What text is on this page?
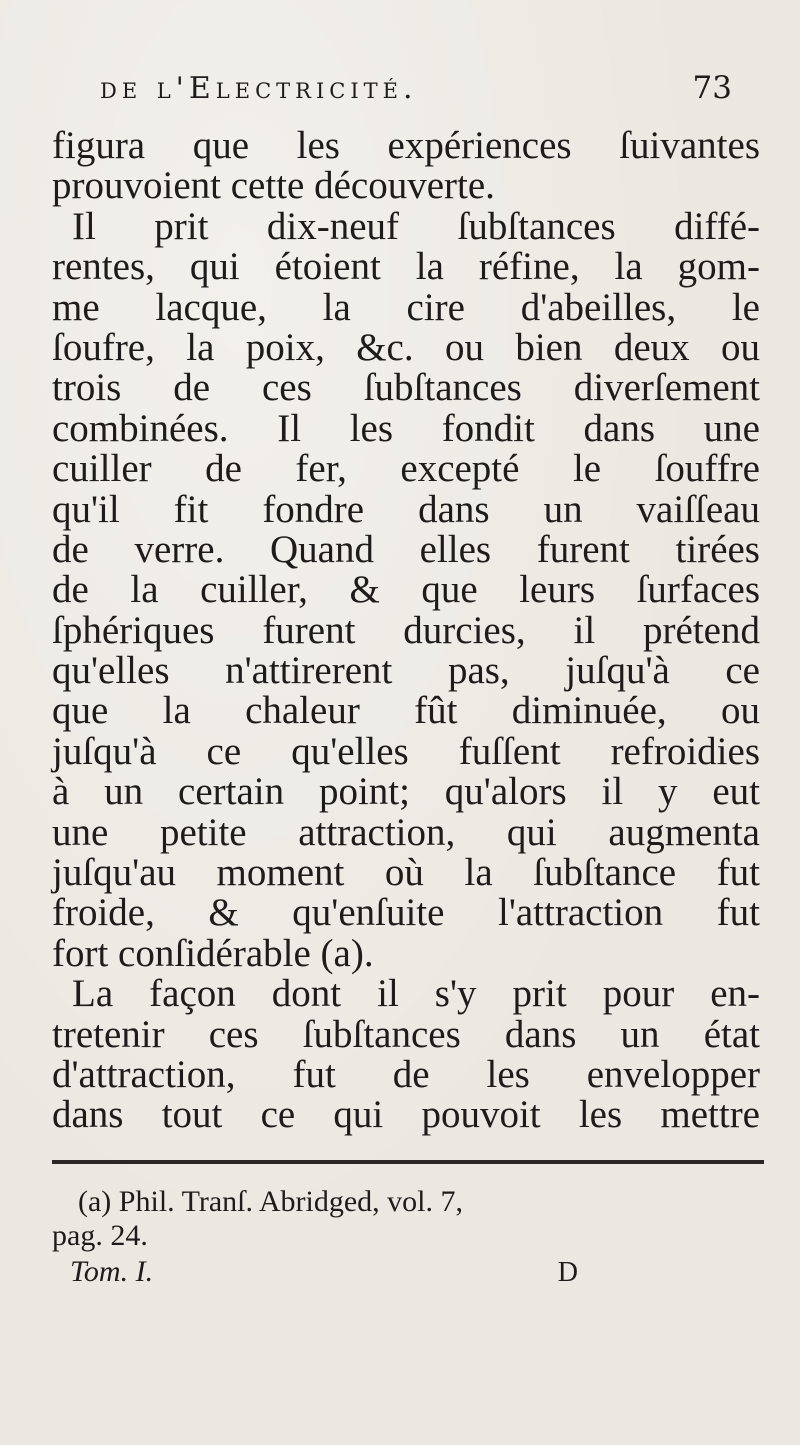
de l'Electricité.	73
figura que les expériences ſuivantes
prouvoient cette découverte.
Il prit dix-neuf ſubſtances diffé-
rentes, qui étoient la réfine, la gom-
me lacque, la cire d'abeilles, le
ſoufre, la poix, &c. ou bien deux ou
trois de ces ſubſtances diverſement
combinées. Il les fondit dans une
cuiller de fer, excepté le ſouffre
qu'il fit fondre dans un vaiſſeau
de verre. Quand elles furent tirées
de la cuiller, & que leurs ſurfaces
ſphériques furent durcies, il prétend
qu'elles n'attirerent pas, juſqu'à ce
que la chaleur fût diminuée, ou
juſqu'à ce qu'elles fuſſent refroidies
à un certain point; qu'alors il y eut
une petite attraction, qui augmenta
juſqu'au moment où la ſubſtance fut
froide, & qu'enſuite l'attraction fut
fort conſidérable (a).
La façon dont il s'y prit pour en-
tretenir ces ſubſtances dans un état
d'attraction, fut de les envelopper
dans tout ce qui pouvoit les mettre
(a) Phil. Tranſ. Abridged, vol. 7,
pag. 24.
Tom. I.	D
